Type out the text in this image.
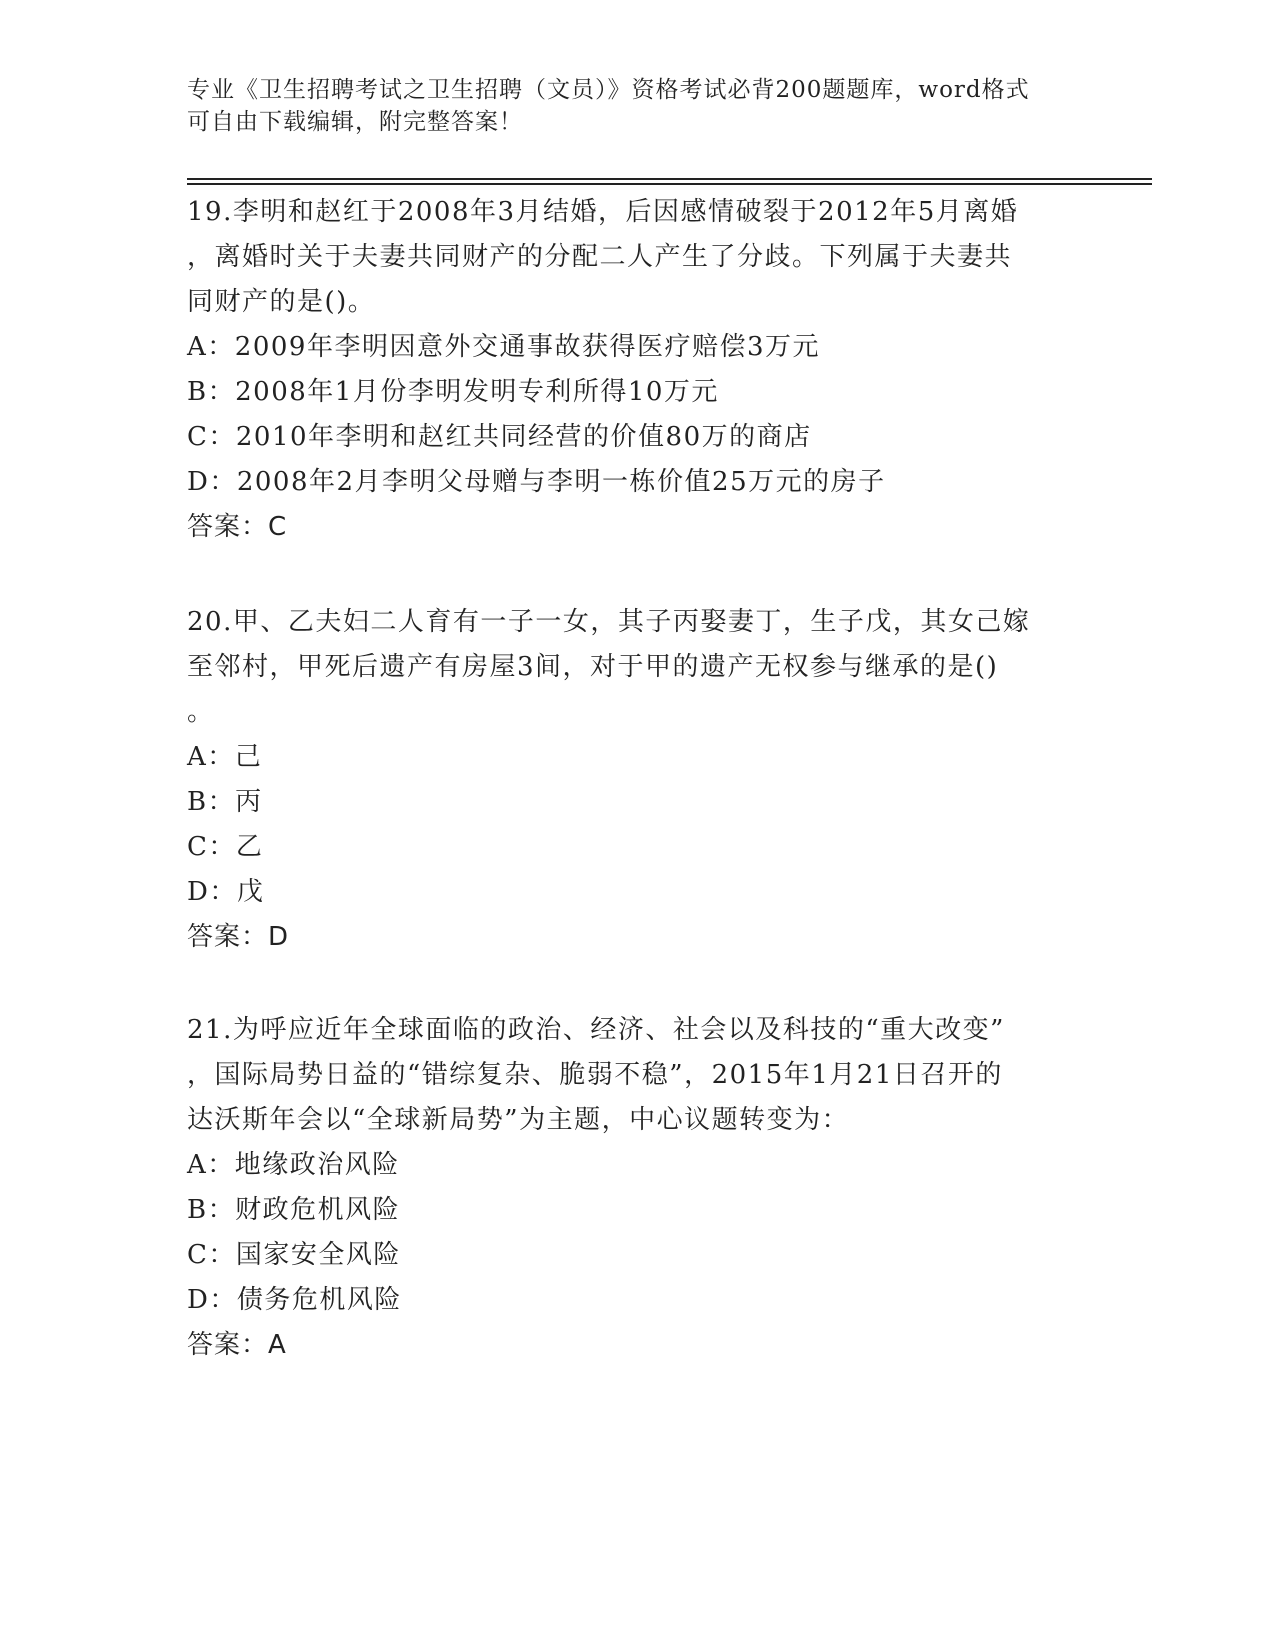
专业《卫生招聘考试之卫生招聘（文员）》资格考试必背200题题库，word格式
可自由下载编辑，附完整答案！

19.李明和赵红于2008年3月结婚，后因感情破裂于2012年5月离婚

，离婚时关于夫妻共同财产的分配二人产生了分歧。下列属于夫妻共

同财产的是()。

A：2009年李明因意外交通事故获得医疗赔偿3万元

B：2008年1月份李明发明专利所得10万元

C：2010年李明和赵红共同经营的价值80万的商店

D：2008年2月李明父母赠与李明一栋价值25万元的房子

答案：C

20.甲、乙夫妇二人育有一子一女，其子丙娶妻丁，生子戊，其女己嫁

至邻村，甲死后遗产有房屋3间，对于甲的遗产无权参与继承的是()

。

A：己

B：丙

C：乙

D：戊

答案：D

21.为呼应近年全球面临的政治、经济、社会以及科技的“重大改变”

，国际局势日益的“错综复杂、脆弱不稳”，2015年1月21日召开的

达沃斯年会以“全球新局势”为主题，中心议题转变为：

A：地缘政治风险

B：财政危机风险

C：国家安全风险

D：债务危机风险

答案：A
